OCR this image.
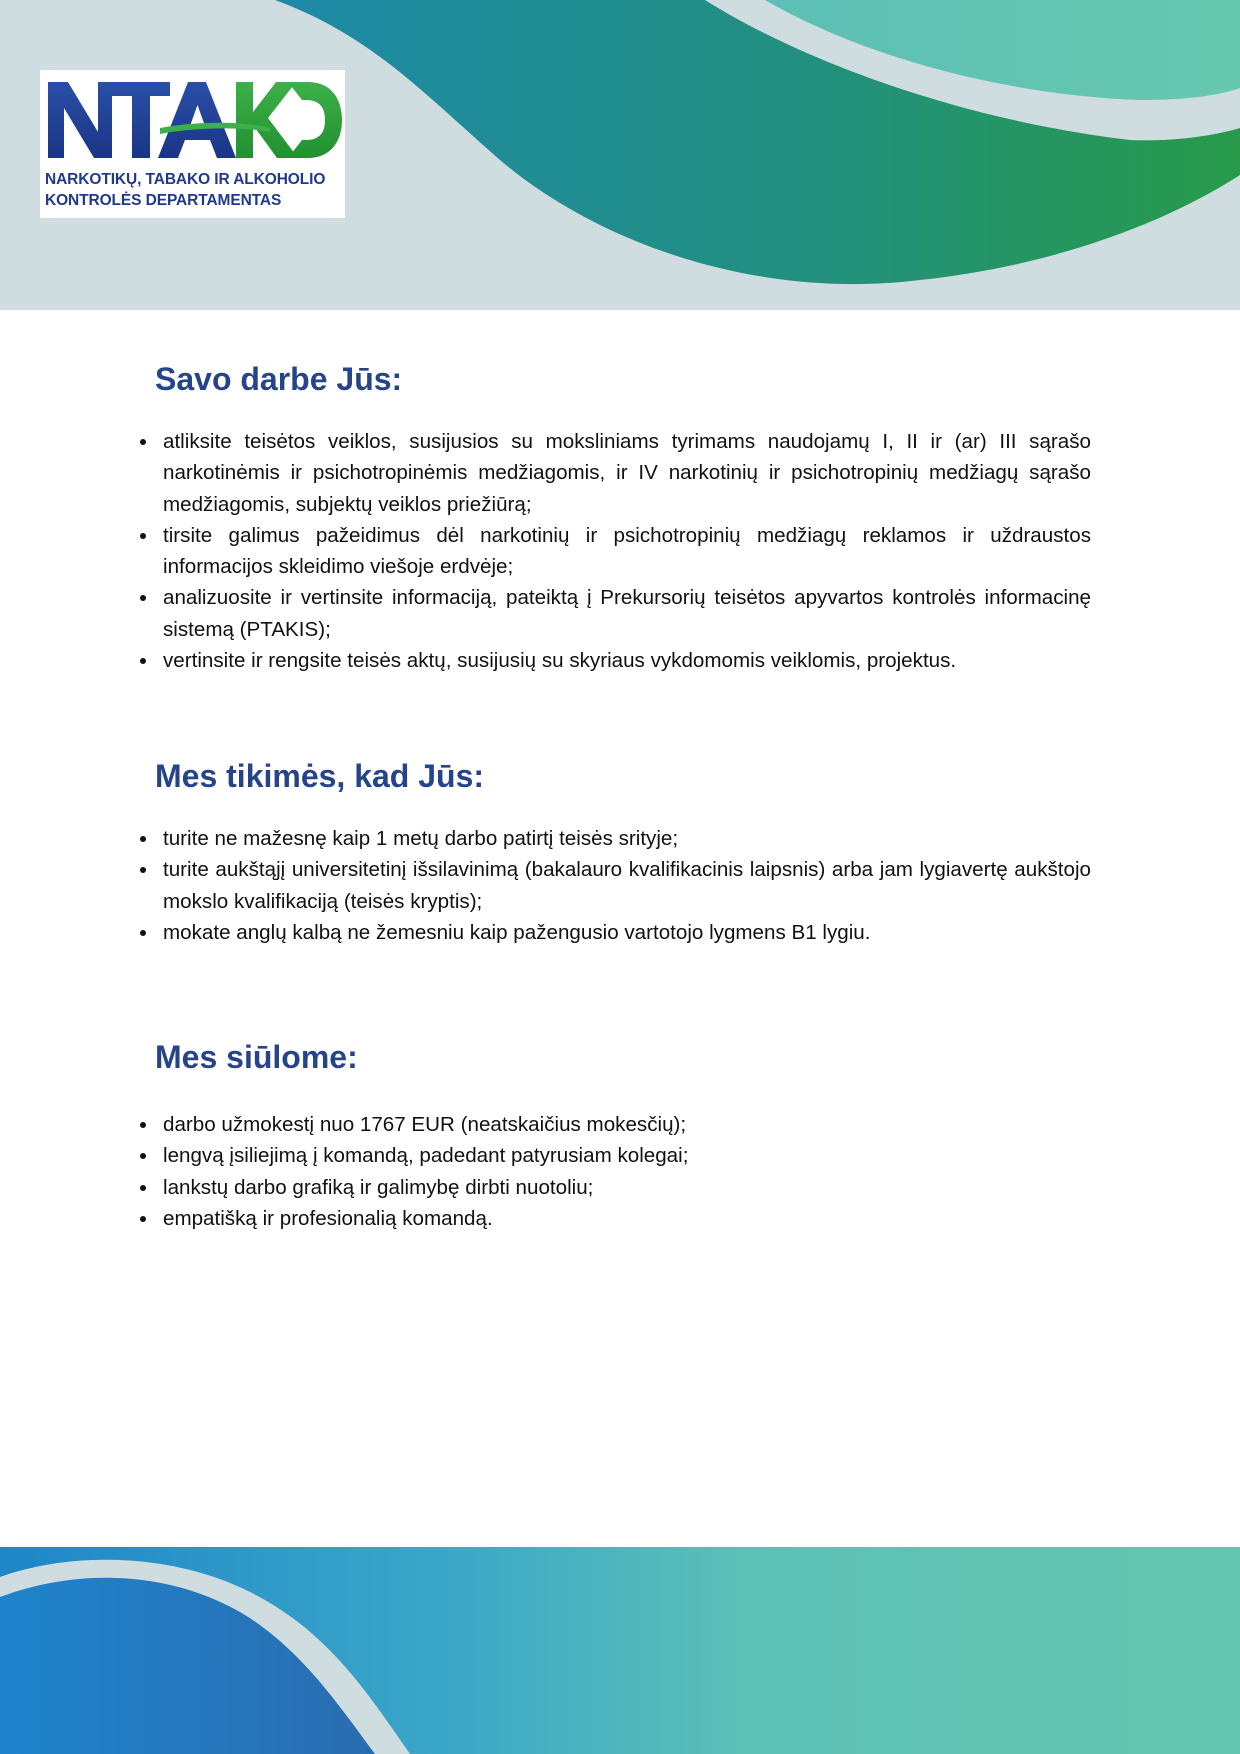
NARKOTIKŲ, TABAKO IR ALKOHOLIO
KONTROLĖS DEPARTAMENTAS
Savo darbe Jūs:
atliksite teisėtos veiklos, susijusios su moksliniams tyrimams naudojamų I, II ir (ar) III sąrašo narkotinėmis ir psichotropinėmis medžiagomis, ir IV narkotinių ir psichotropinių medžiagų sąrašo medžiagomis, subjektų veiklos priežiūrą;
tirsite galimus pažeidimus dėl narkotinių ir psichotropinių medžiagų reklamos ir uždraustos informacijos skleidimo viešoje erdvėje;
analizuosite ir vertinsite informaciją, pateiktą į Prekursorių teisėtos apyvartos kontrolės informacinę sistemą (PTAKIS);
vertinsite ir rengsite teisės aktų, susijusių su skyriaus vykdomomis veiklomis, projektus.
Mes tikimės, kad Jūs:
turite ne mažesnę kaip 1 metų darbo patirtį teisės srityje;
turite aukštąjį universitetinį išsilavinimą (bakalauro kvalifikacinis laipsnis) arba jam lygiavertę aukštojo mokslo kvalifikaciją (teisės kryptis);
mokate anglų kalbą ne žemesniu kaip pažengusio vartotojo lygmens B1 lygiu.
Mes siūlome:
darbo užmokestį nuo 1767 EUR (neatskaičius mokesčių);
lengvą įsiliejimą į komandą, padedant patyrusiam kolegai;
lankstų darbo grafiką ir galimybę dirbti nuotoliu;
empatišką ir profesionalią komandą.
